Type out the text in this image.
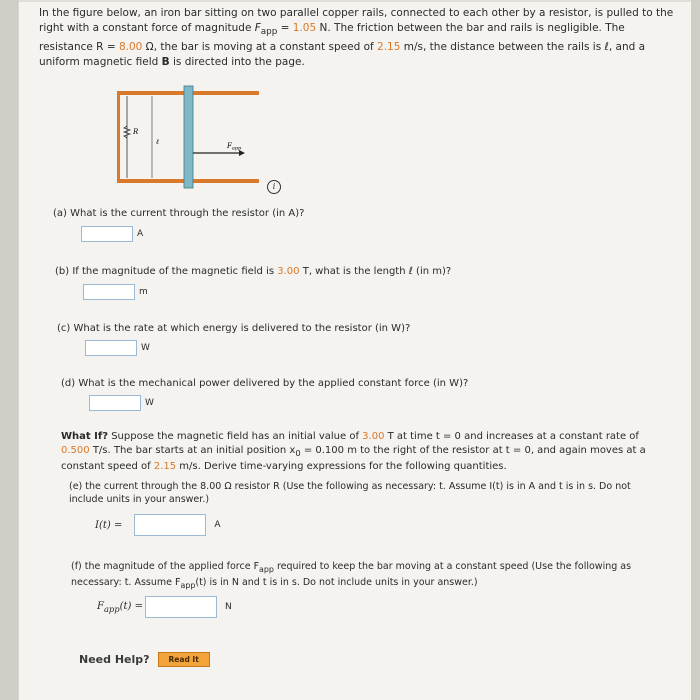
In the figure below, an iron bar sitting on two parallel copper rails, connected to each other by a resistor, is pulled to the right with a constant force of magnitude $F_{app} = 1.05$ N. The friction between the bar and rails is negligible. The resistance R = 8.00 Ω, the bar is moving at a constant speed of 2.15 m/s, the distance between the rails is ℓ, and a uniform magnetic field B is directed into the page.
R
ℓ	$F_{app}$
i
(a) What is the current through the resistor (in A)?
A
(b) If the magnitude of the magnetic field is 3.00 T, what is the length ℓ (in m)?
m
(c) What is the rate at which energy is delivered to the resistor (in W)?
W
(d) What is the mechanical power delivered by the applied constant force (in W)?
W
What If? Suppose the magnetic field has an initial value of 3.00 T at time t = 0 and increases at a constant rate of 0.500 T/s. The bar starts at an initial position $x_0 = 0.100$ m to the right of the resistor at t = 0, and again moves at a constant speed of 2.15 m/s. Derive time-varying expressions for the following quantities.
(e) the current through the 8.00 Ω resistor R (Use the following as necessary: t. Assume I(t) is in A and t is in s. Do not include units in your answer.)
I(t) =	A
(f) the magnitude of the applied force $F_{app}$ required to keep the bar moving at a constant speed (Use the following as necessary: t. Assume $F_{app}(t)$ is in N and t is in s. Do not include units in your answer.)
$F_{app}(t)$ =	N
Need Help?	Read It
